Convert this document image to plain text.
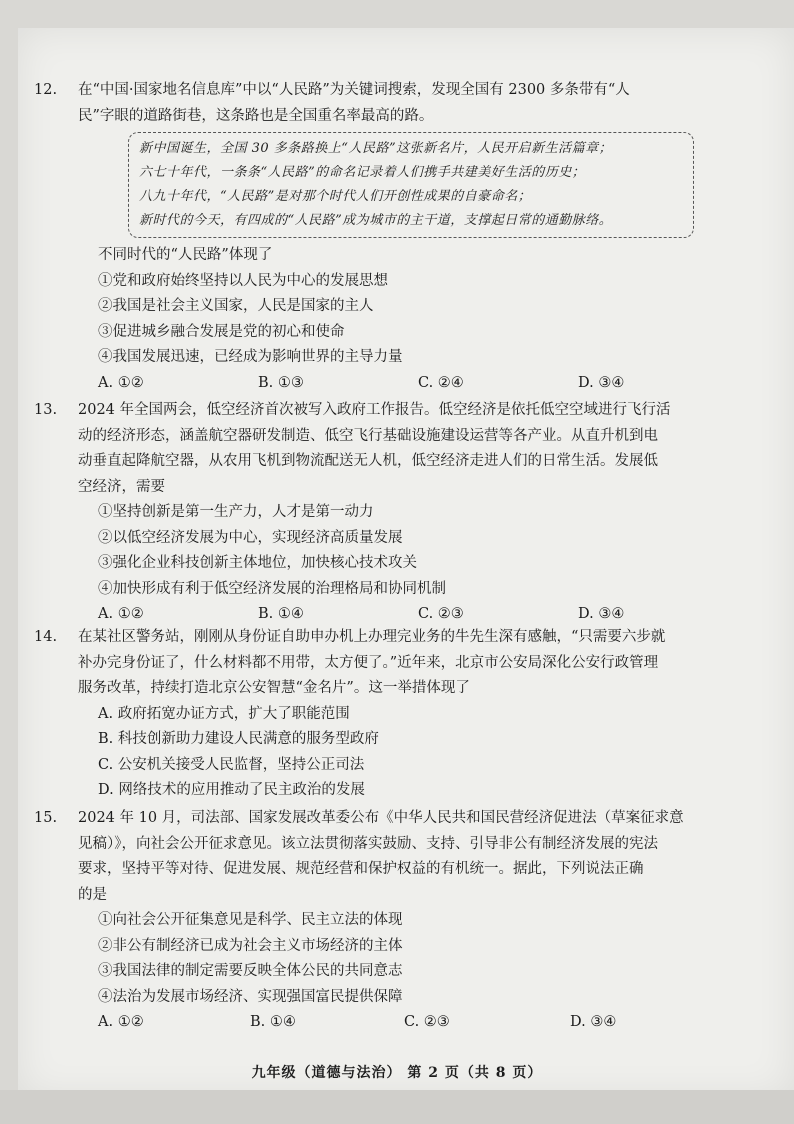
12. 在“中国·国家地名信息库”中以“人民路”为关键词搜索，发现全国有 2300 多条带有“人
民”字眼的道路街巷，这条路也是全国重名率最高的路。
新中国诞生，全国 30 多条路换上“人民路”这张新名片，人民开启新生活篇章；
六七十年代，一条条“人民路”的命名记录着人们携手共建美好生活的历史；
八九十年代，“人民路”是对那个时代人们开创性成果的自豪命名；
新时代的今天，有四成的“人民路”成为城市的主干道，支撑起日常的通勤脉络。
不同时代的“人民路”体现了
①党和政府始终坚持以人民为中心的发展思想
②我国是社会主义国家，人民是国家的主人
③促进城乡融合发展是党的初心和使命
④我国发展迅速，已经成为影响世界的主导力量
A. ①②	B. ①③	C. ②④	D. ③④
13. 2024 年全国两会，低空经济首次被写入政府工作报告。低空经济是依托低空空域进行飞行活
动的经济形态，涵盖航空器研发制造、低空飞行基础设施建设运营等各产业。从直升机到电
动垂直起降航空器，从农用飞机到物流配送无人机，低空经济走进人们的日常生活。发展低
空经济，需要
①坚持创新是第一生产力，人才是第一动力
②以低空经济发展为中心，实现经济高质量发展
③强化企业科技创新主体地位，加快核心技术攻关
④加快形成有利于低空经济发展的治理格局和协同机制
A. ①②	B. ①④	C. ②③	D. ③④
14. 在某社区警务站，刚刚从身份证自助申办机上办理完业务的牛先生深有感触，“只需要六步就
补办完身份证了，什么材料都不用带，太方便了。”近年来，北京市公安局深化公安行政管理
服务改革，持续打造北京公安智慧“金名片”。这一举措体现了
A. 政府拓宽办证方式，扩大了职能范围
B. 科技创新助力建设人民满意的服务型政府
C. 公安机关接受人民监督，坚持公正司法
D. 网络技术的应用推动了民主政治的发展
15. 2024 年 10 月，司法部、国家发展改革委公布《中华人民共和国民营经济促进法（草案征求意
见稿）》，向社会公开征求意见。该立法贯彻落实鼓励、支持、引导非公有制经济发展的宪法
要求，坚持平等对待、促进发展、规范经营和保护权益的有机统一。据此，下列说法正确
的是
①向社会公开征集意见是科学、民主立法的体现
②非公有制经济已成为社会主义市场经济的主体
③我国法律的制定需要反映全体公民的共同意志
④法治为发展市场经济、实现强国富民提供保障
A. ①②	B. ①④	C. ②③	D. ③④
九年级（道德与法治） 第 2 页（共 8 页）
